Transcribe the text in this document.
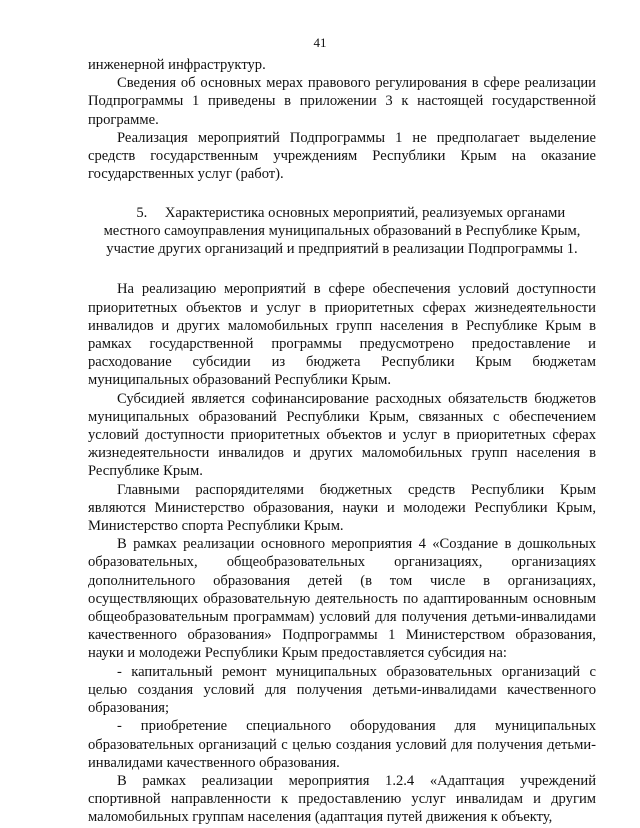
41

инженерной инфраструктур.

Сведения об основных мерах правового регулирования в сфере реализации Подпрограммы 1 приведены в приложении 3 к настоящей государственной программе.

Реализация мероприятий Подпрограммы 1 не предполагает выделение средств государственным учреждениям Республики Крым на оказание государственных услуг (работ).

5. Характеристика основных мероприятий, реализуемых органами
местного самоуправления муниципальных образований в Республике Крым,
участие других организаций и предприятий в реализации Подпрограммы 1.

На реализацию мероприятий в сфере обеспечения условий доступности приоритетных объектов и услуг в приоритетных сферах жизнедеятельности инвалидов и других маломобильных групп населения в Республике Крым в рамках государственной программы предусмотрено предоставление и расходование субсидии из бюджета Республики Крым бюджетам муниципальных образований Республики Крым.

Субсидией является софинансирование расходных обязательств бюджетов муниципальных образований Республики Крым, связанных с обеспечением условий доступности приоритетных объектов и услуг в приоритетных сферах жизнедеятельности инвалидов и других маломобильных групп населения в Республике Крым.

Главными распорядителями бюджетных средств Республики Крым являются Министерство образования, науки и молодежи Республики Крым, Министерство спорта Республики Крым.

В рамках реализации основного мероприятия 4 «Создание в дошкольных образовательных, общеобразовательных организациях, организациях дополнительного образования детей (в том числе в организациях, осуществляющих образовательную деятельность по адаптированным основным общеобразовательным программам) условий для получения детьми-инвалидами качественного образования» Подпрограммы 1 Министерством образования, науки и молодежи Республики Крым предоставляется субсидия на:

- капитальный ремонт муниципальных образовательных организаций с целью создания условий для получения детьми-инвалидами качественного образования;

- приобретение специального оборудования для муниципальных образовательных организаций с целью создания условий для получения детьми-инвалидами качественного образования.

В рамках реализации мероприятия 1.2.4 «Адаптация учреждений спортивной направленности к предоставлению услуг инвалидам и другим маломобильных группам населения (адаптация путей движения к объекту,
